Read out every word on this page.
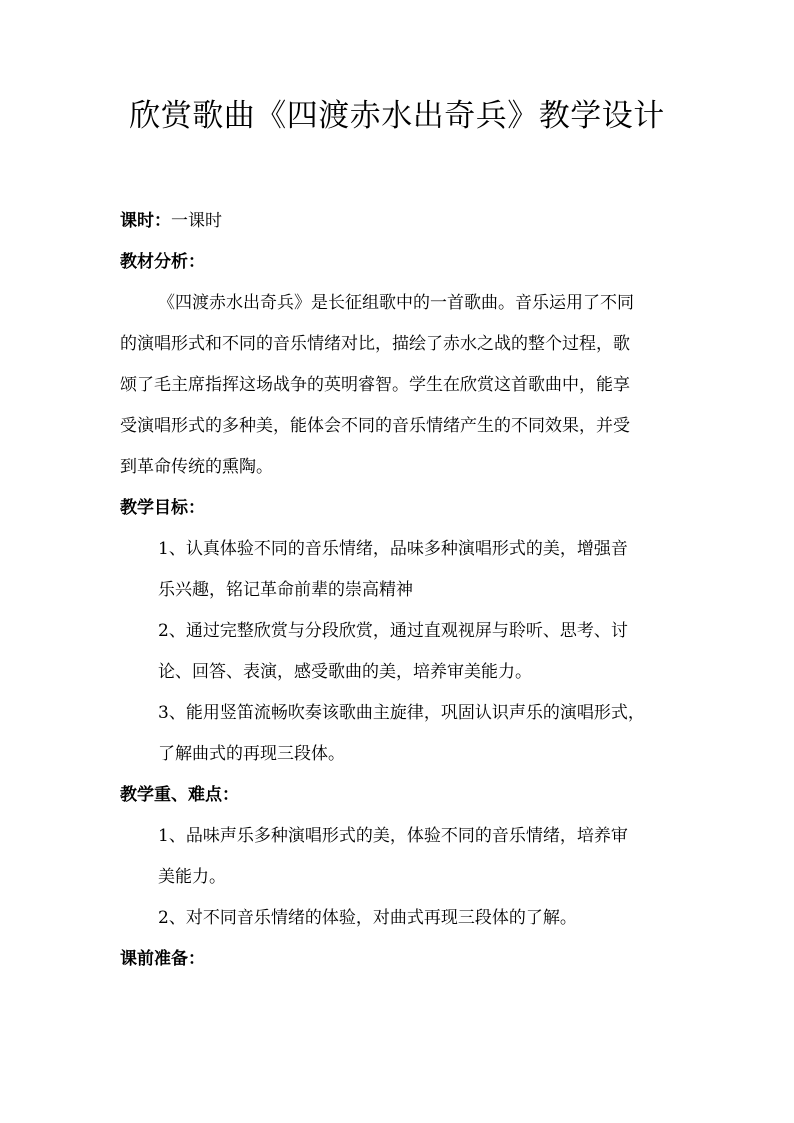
欣赏歌曲《四渡赤水出奇兵》教学设计
课时：一课时
教材分析：
《四渡赤水出奇兵》是长征组歌中的一首歌曲。音乐运用了不同
的演唱形式和不同的音乐情绪对比，描绘了赤水之战的整个过程，歌
颂了毛主席指挥这场战争的英明睿智。学生在欣赏这首歌曲中，能享
受演唱形式的多种美，能体会不同的音乐情绪产生的不同效果，并受
到革命传统的熏陶。
教学目标：
1、认真体验不同的音乐情绪，品味多种演唱形式的美，增强音
乐兴趣，铭记革命前辈的崇高精神
2、通过完整欣赏与分段欣赏，通过直观视屏与聆听、思考、讨
论、回答、表演，感受歌曲的美，培养审美能力。
3、能用竖笛流畅吹奏该歌曲主旋律，巩固认识声乐的演唱形式，
了解曲式的再现三段体。
教学重、难点：
1、品味声乐多种演唱形式的美，体验不同的音乐情绪，培养审
美能力。
2、对不同音乐情绪的体验，对曲式再现三段体的了解。
课前准备：
